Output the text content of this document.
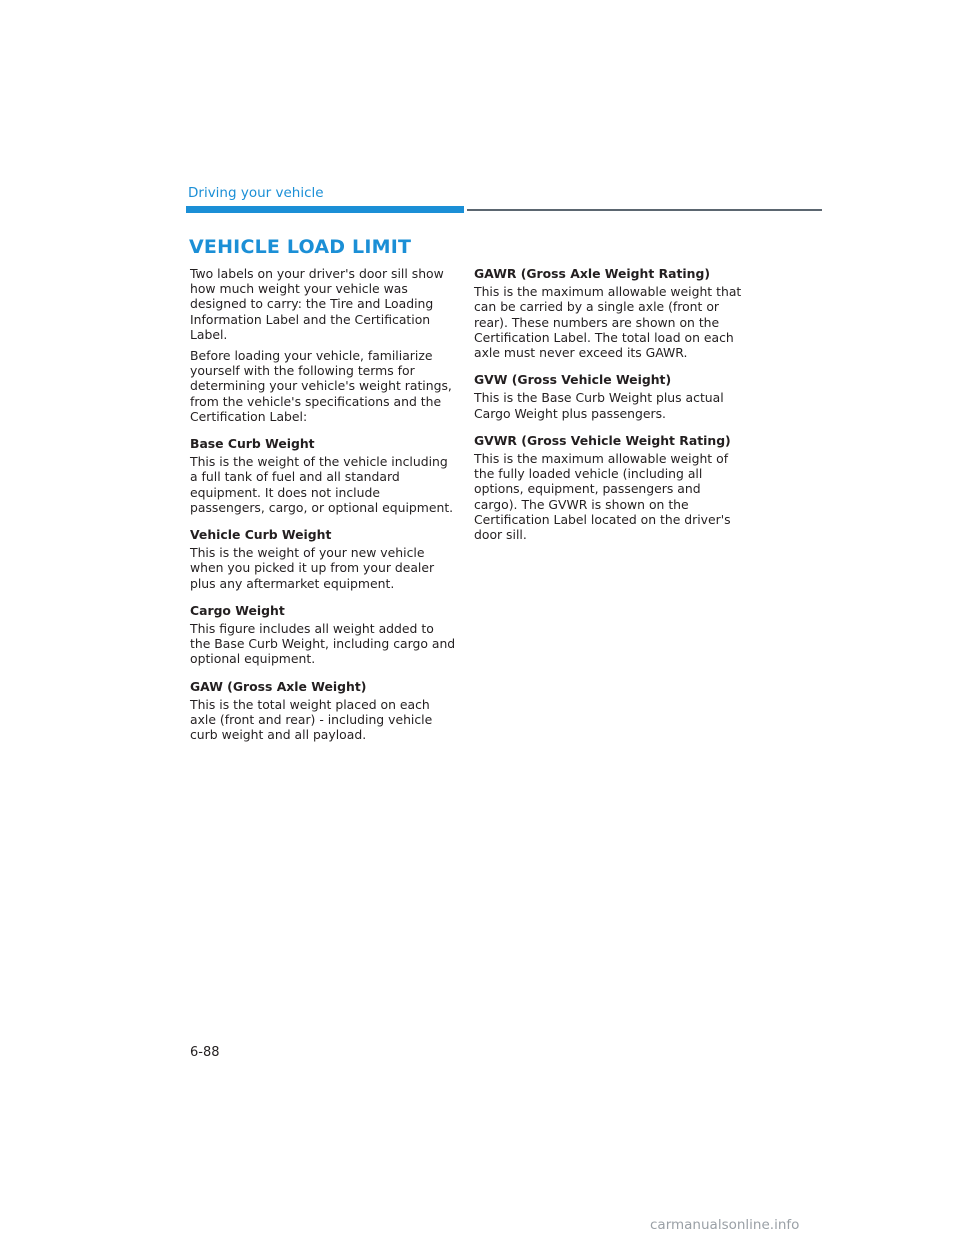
Driving your vehicle
VEHICLE LOAD LIMIT

Two labels on your driver's door sill show how much weight your vehicle was designed to carry: the Tire and Loading Information Label and the Certification Label.

Before loading your vehicle, familiarize yourself with the following terms for determining your vehicle's weight ratings, from the vehicle's specifications and the Certification Label:

Base Curb Weight

This is the weight of the vehicle including a full tank of fuel and all standard equipment. It does not include passengers, cargo, or optional equipment.

Vehicle Curb Weight

This is the weight of your new vehicle when you picked it up from your dealer plus any aftermarket equipment.

Cargo Weight

This figure includes all weight added to the Base Curb Weight, including cargo and optional equipment.

GAW (Gross Axle Weight)

This is the total weight placed on each axle (front and rear) - including vehicle curb weight and all payload.

GAWR (Gross Axle Weight Rating)

This is the maximum allowable weight that can be carried by a single axle (front or rear). These numbers are shown on the Certification Label. The total load on each axle must never exceed its GAWR.

GVW (Gross Vehicle Weight)

This is the Base Curb Weight plus actual Cargo Weight plus passengers.

GVWR (Gross Vehicle Weight Rating)

This is the maximum allowable weight of the fully loaded vehicle (including all options, equipment, passengers and cargo). The GVWR is shown on the Certification Label located on the driver's door sill.

6-88
carmanualsonline.info
